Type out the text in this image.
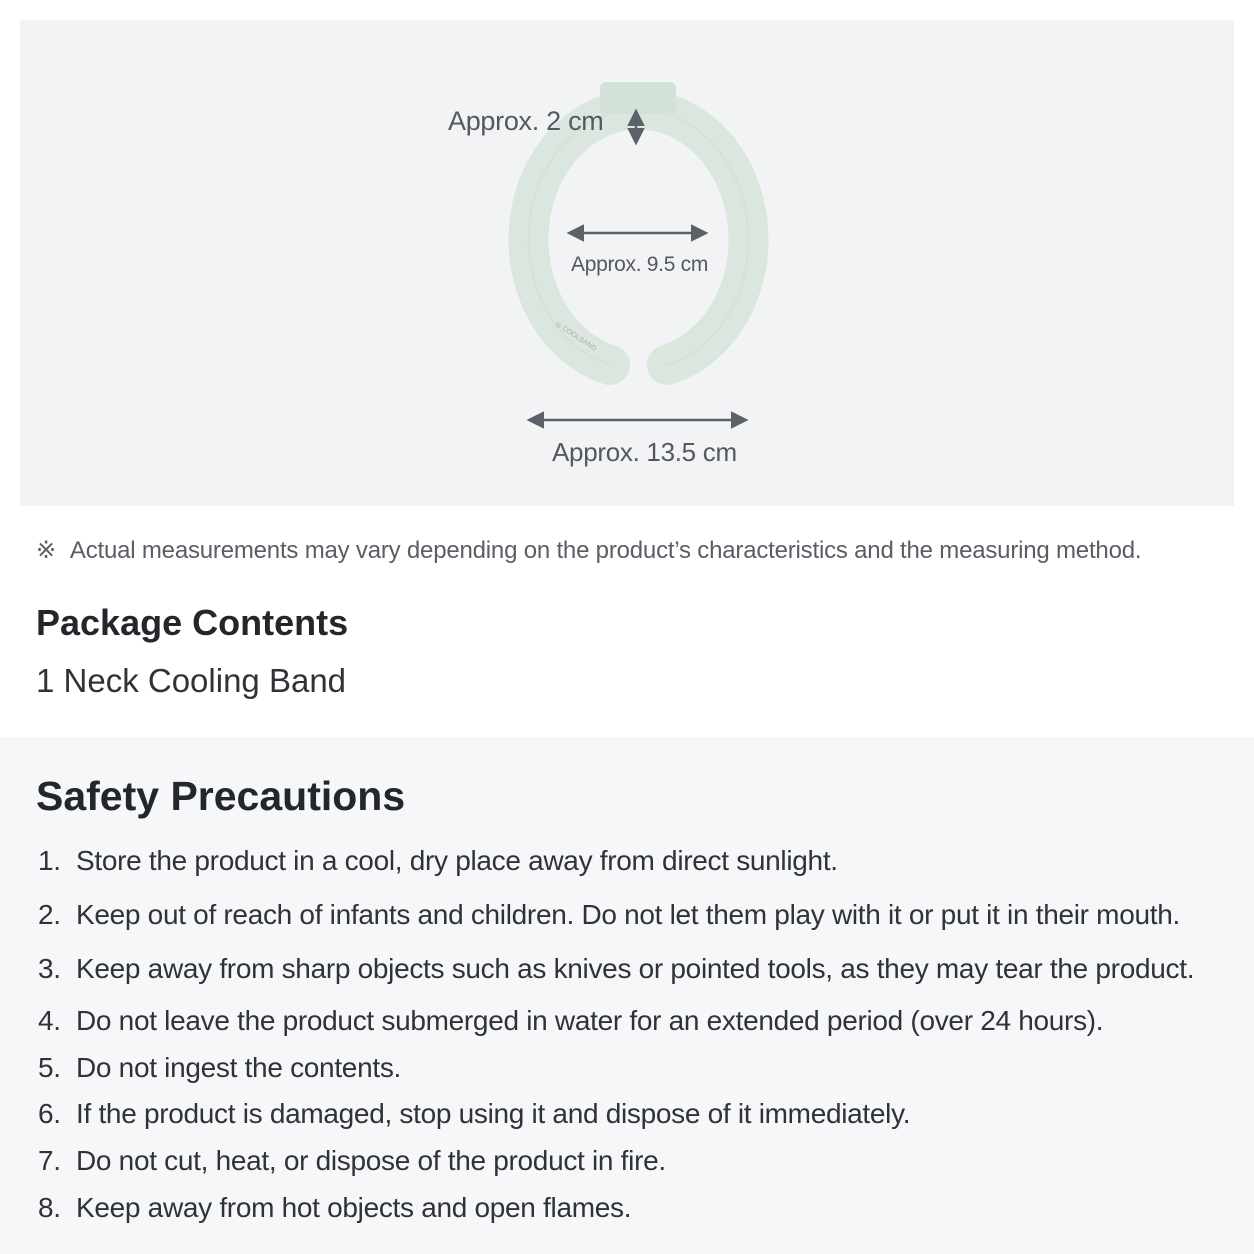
◎ COOLBAND
Approx. 2 cm
Approx. 9.5 cm
Approx. 13.5 cm
※ Actual measurements may vary depending on the product’s characteristics and the measuring method.
Package Contents
1 Neck Cooling Band
Safety Precautions
1. Store the product in a cool, dry place away from direct sunlight.
2. Keep out of reach of infants and children. Do not let them play with it or put it in their mouth.
3. Keep away from sharp objects such as knives or pointed tools, as they may tear the product.
4. Do not leave the product submerged in water for an extended period (over 24 hours).
5. Do not ingest the contents.
6. If the product is damaged, stop using it and dispose of it immediately.
7. Do not cut, heat, or dispose of the product in fire.
8. Keep away from hot objects and open flames.
